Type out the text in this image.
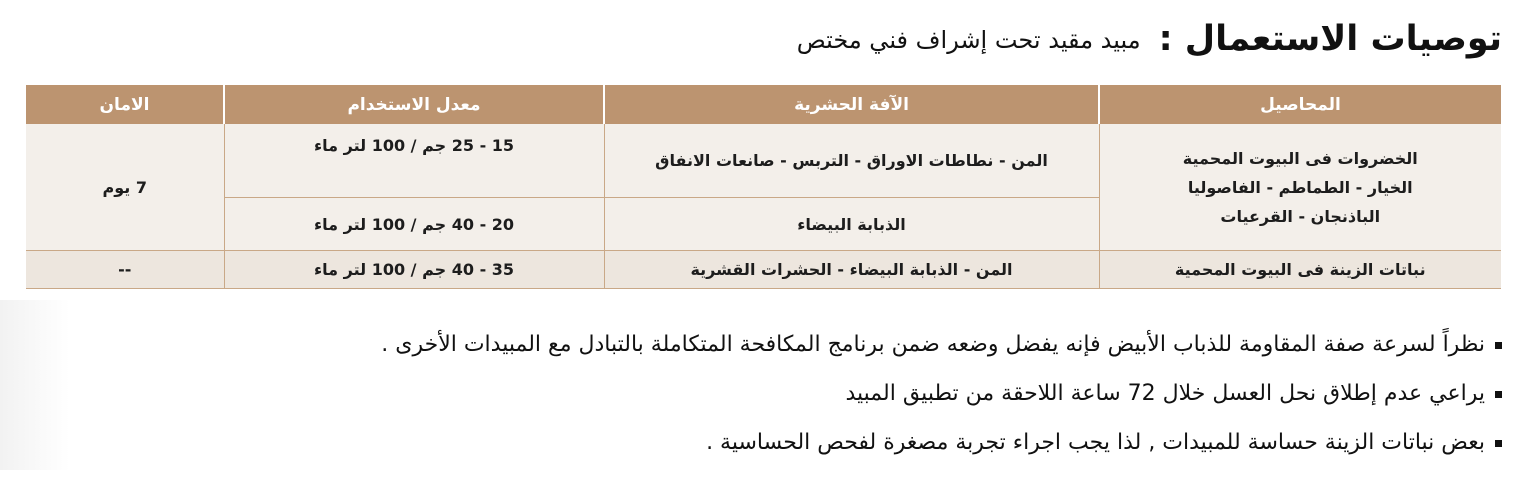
توصيات الاستعمال :
مبيد مقيد تحت إشراف فني مختص
المحاصيل	الآفة الحشرية	معدل الاستخدام	الامان

الخضروات فى البيوت المحمية
الخيار - الطماطم - الفاصوليا
الباذنجان - القرعيات	المن - نطاطات الاوراق - التربس - صانعات الانفاق	15 - 25 جم / 100 لتر ماء	7 يوم
	الذبابة البيضاء	20 - 40 جم / 100 لتر ماء	
نباتات الزينة فى البيوت المحمية	المن - الذبابة البيضاء - الحشرات القشرية	35 - 40 جم / 100 لتر ماء	--
نظراً لسرعة صفة المقاومة للذباب الأبيض فإنه يفضل وضعه ضمن برنامج المكافحة المتكاملة بالتبادل مع المبيدات الأخرى .
يراعي عدم إطلاق نحل العسل خلال 72 ساعة اللاحقة من تطبيق المبيد
بعض نباتات الزينة حساسة للمبيدات , لذا يجب اجراء تجربة مصغرة لفحص الحساسية .
